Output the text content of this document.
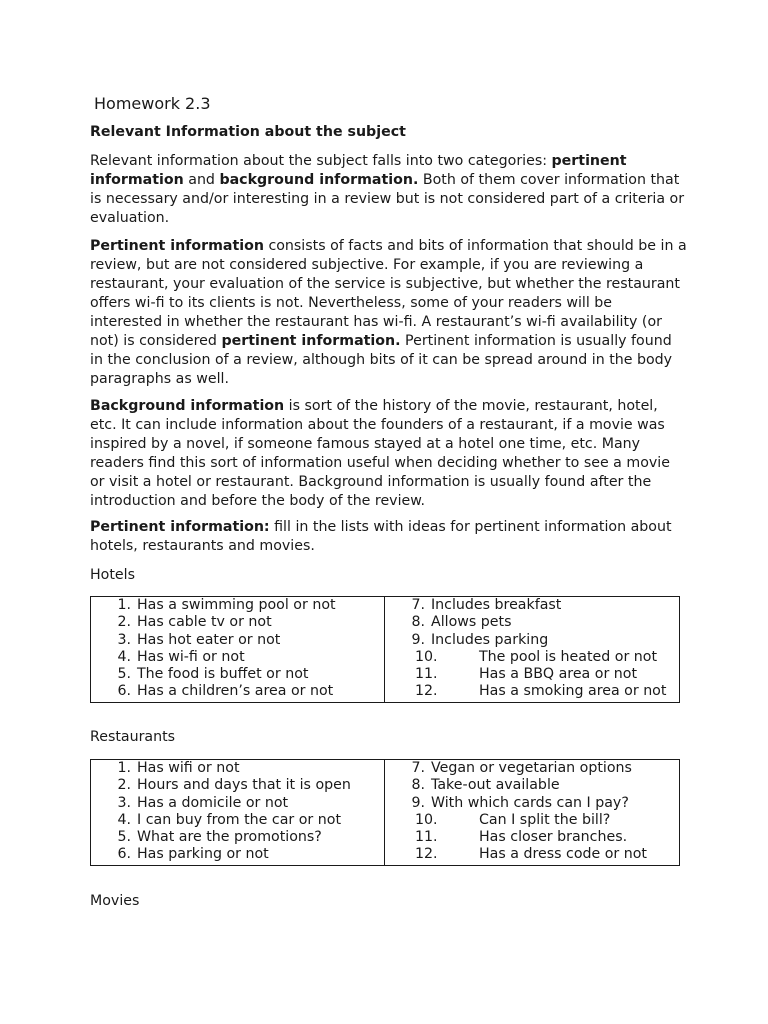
Homework 2.3
Relevant Information about the subject

Relevant information about the subject falls into two categories: pertinent information and background information. Both of them cover information that is necessary and/or interesting in a review but is not considered part of a criteria or evaluation.

Pertinent information consists of facts and bits of information that should be in a review, but are not considered subjective. For example, if you are reviewing a restaurant, your evaluation of the service is subjective, but whether the restaurant offers wi-fi to its clients is not. Nevertheless, some of your readers will be interested in whether the restaurant has wi-fi. A restaurant’s wi-fi availability (or not) is considered pertinent information. Pertinent information is usually found in the conclusion of a review, although bits of it can be spread around in the body paragraphs as well.

Background information is sort of the history of the movie, restaurant, hotel, etc. It can include information about the founders of a restaurant, if a movie was inspired by a novel, if someone famous stayed at a hotel one time, etc. Many readers find this sort of information useful when deciding whether to see a movie or visit a hotel or restaurant. Background information is usually found after the introduction and before the body of the review.

Pertinent information: fill in the lists with ideas for pertinent information about hotels, restaurants and movies.

Hotels
1. Has a swimming pool or not
2. Has cable tv or not
3. Has hot eater or not
4. Has wi-fi or not
5. The food is buffet or not
6. Has a children’s area or not
7. Includes breakfast
8. Allows pets
9. Includes parking
10.	The pool is heated or not
11.	Has a BBQ area or not
12.	Has a smoking area or not
Restaurants
1. Has wifi or not
2. Hours and days that it is open
3. Has a domicile or not
4. I can buy from the car or not
5. What are the promotions?
6. Has parking or not
7. Vegan or vegetarian options
8. Take-out available
9. With which cards can I pay?
10.	Can I split the bill?
11.	Has closer branches.
12.	Has a dress code or not
Movies
